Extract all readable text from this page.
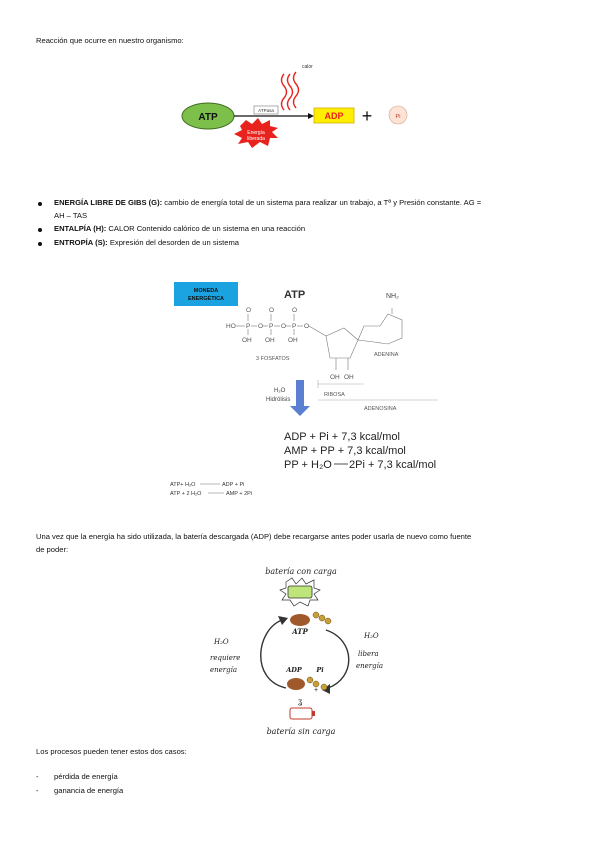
Reacción que ocurre en nuestro organismo:
ATP
ATPasa
calor
Energía
liberada
ADP +	Pi
ENERGÍA LIBRE DE GIBS (G): cambio de energía total de un sistema para realizar un trabajo, a Tª y Presión constante. AG =
AH – TAS
ENTALPÍA (H): CALOR Contenido calórico de un sistema en una reacción
ENTROPÍA (S): Expresión del desorden de un sistema
MONEDA
ENERGÉTICA	ATP	NH₂
HO P	P	P
O	O	O
O	O	O
OH OH OH
OH OH
3 FOSFATOS
ADENINA
RIBOSA
ADENOSINA
H₂O
Hidrólisis
ADP + Pi + 7,3 kcal/mol
AMP + PP + 7,3 kcal/mol
PP + H₂O 2Pi + 7,3 kcal/mol
ATP+ H₂O	ADP + Pi
ATP + 2 H₂O	AMP + 2Pi
Una vez que la energía ha sido utilizada, la batería descargada (ADP) debe recargarse antes poder usarla de nuevo como fuente
de poder:
batería con carga
ATP
H₂O
requiere
energía
H₂O
libera
energía
ADP Pi
+
ʓ
batería sin carga
Los procesos pueden tener estos dos casos:
- pérdida de energía
- ganancia de energía
